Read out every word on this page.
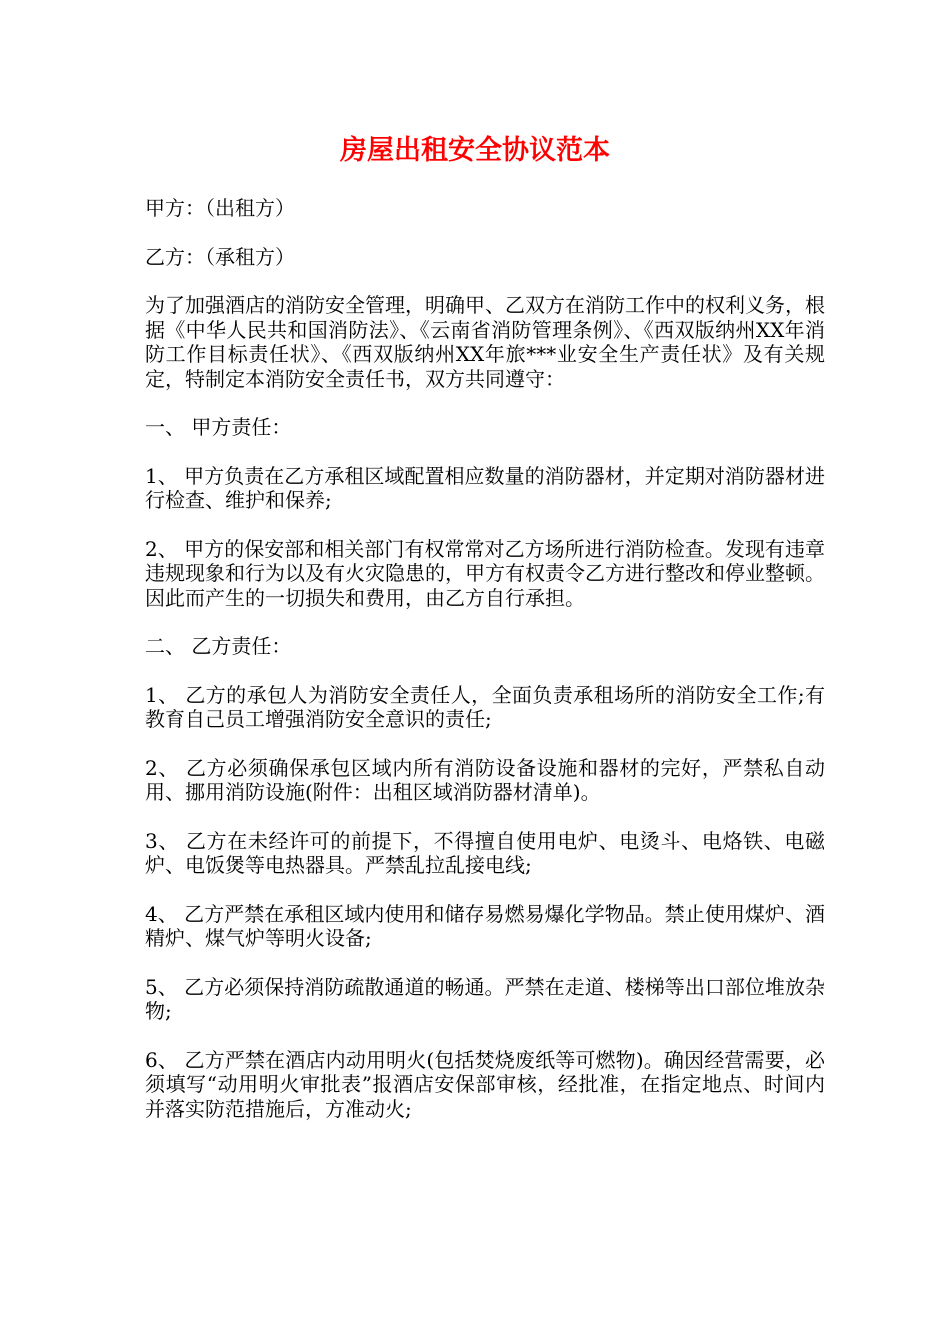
房屋出租安全协议范本

甲方：（出租方）

乙方：（承租方）

为了加强酒店的消防安全管理，明确甲、乙双方在消防工作中的权利义务，根据《中华人民共和国消防法》、《云南省消防管理条例》、《西双版纳州XX年消防工作目标责任状》、《西双版纳州XX年旅***业安全生产责任状》及有关规定，特制定本消防安全责任书，双方共同遵守：

一、 甲方责任：

1、 甲方负责在乙方承租区域配置相应数量的消防器材，并定期对消防器材进行检查、维护和保养;

2、 甲方的保安部和相关部门有权常常对乙方场所进行消防检查。发现有违章违规现象和行为以及有火灾隐患的，甲方有权责令乙方进行整改和停业整顿。因此而产生的一切损失和费用，由乙方自行承担。

二、 乙方责任：

1、 乙方的承包人为消防安全责任人，全面负责承租场所的消防安全工作;有教育自己员工增强消防安全意识的责任;

2、 乙方必须确保承包区域内所有消防设备设施和器材的完好，严禁私自动用、挪用消防设施(附件：出租区域消防器材清单)。

3、 乙方在未经许可的前提下，不得擅自使用电炉、电烫斗、电烙铁、电磁炉、电饭煲等电热器具。严禁乱拉乱接电线;

4、 乙方严禁在承租区域内使用和储存易燃易爆化学物品。禁止使用煤炉、酒精炉、煤气炉等明火设备;

5、 乙方必须保持消防疏散通道的畅通。严禁在走道、楼梯等出口部位堆放杂物;

6、 乙方严禁在酒店内动用明火(包括焚烧废纸等可燃物)。确因经营需要，必须填写“动用明火审批表”报酒店安保部审核，经批准，在指定地点、时间内并落实防范措施后，方准动火;
